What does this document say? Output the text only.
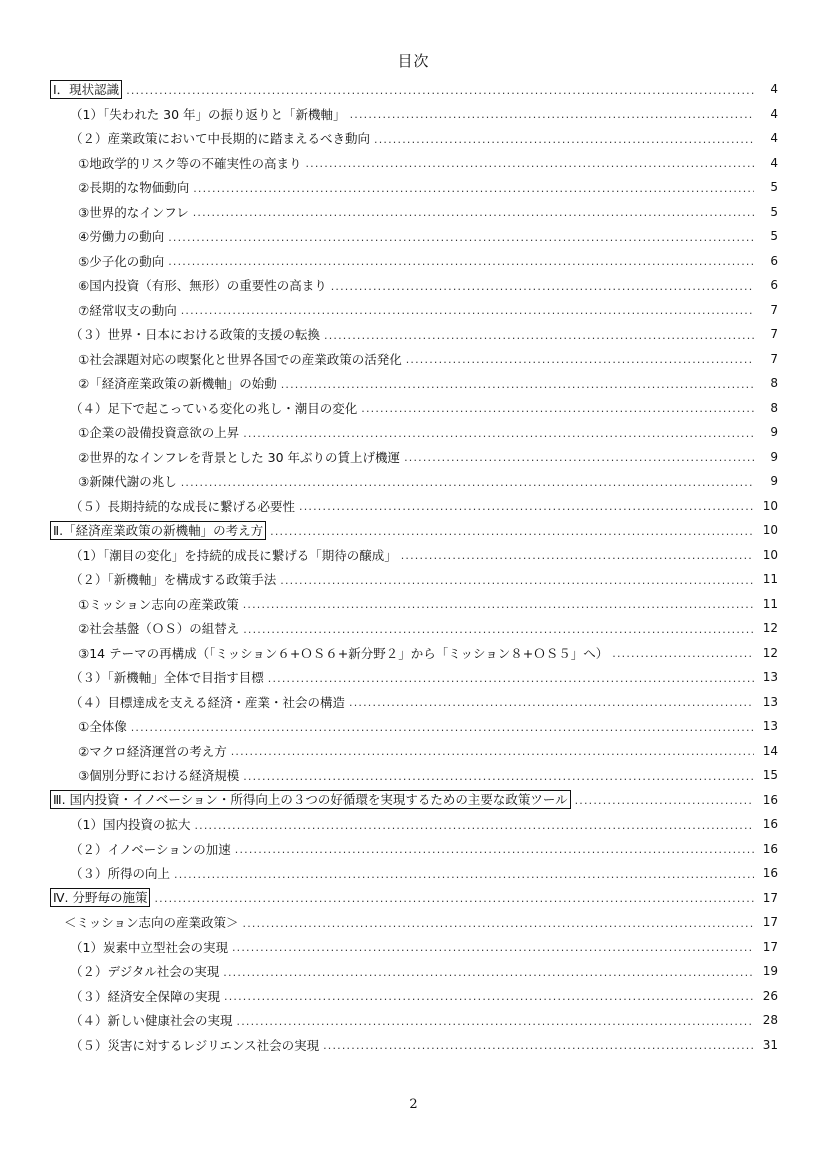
目次
Ⅰ．現状認識 .....	4
（1）「失われた 30 年」の振り返りと「新機軸」 .....	4
（２）産業政策において中長期的に踏まえるべき動向 .....	4
①地政学的リスク等の不確実性の高まり .....	4
②長期的な物価動向 .....	5
③世界的なインフレ .....	5
④労働力の動向 .....	5
⑤少子化の動向 .....	6
⑥国内投資（有形、無形）の重要性の高まり .....	6
⑦経常収支の動向 .....	7
（３）世界・日本における政策的支援の転換 .....	7
①社会課題対応の喫緊化と世界各国での産業政策の活発化 .....	7
②「経済産業政策の新機軸」の始動 .....	8
（４）足下で起こっている変化の兆し・潮目の変化 .....	8
①企業の設備投資意欲の上昇 .....	9
②世界的なインフレを背景とした 30 年ぶりの賃上げ機運 .....	9
③新陳代謝の兆し .....	9
（５）長期持続的な成長に繋げる必要性 .....	10
Ⅱ.「経済産業政策の新機軸」の考え方 .....	10
（1）「潮目の変化」を持続的成長に繋げる「期待の醸成」 .....	10
（２）「新機軸」を構成する政策手法 .....	11
①ミッション志向の産業政策 .....	11
②社会基盤（ＯＳ）の組替え .....	12
③14 テーマの再構成（「ミッション６+ＯＳ６+新分野２」から「ミッション８+ＯＳ５」へ） .....	12
（３）「新機軸」全体で目指す目標 .....	13
（４）目標達成を支える経済・産業・社会の構造 .....	13
①全体像 .....	13
②マクロ経済運営の考え方 .....	14
③個別分野における経済規模 .....	15
Ⅲ. 国内投資・イノベーション・所得向上の３つの好循環を実現するための主要な政策ツール .....	16
（1）国内投資の拡大 .....	16
（２）イノベーションの加速 .....	16
（３）所得の向上 .....	16
Ⅳ. 分野毎の施策 .....	17
＜ミッション志向の産業政策＞ .....	17
（1）炭素中立型社会の実現 .....	17
（２）デジタル社会の実現 .....	19
（３）経済安全保障の実現 .....	26
（４）新しい健康社会の実現 .....	28
（５）災害に対するレジリエンス社会の実現 .....	31
2
